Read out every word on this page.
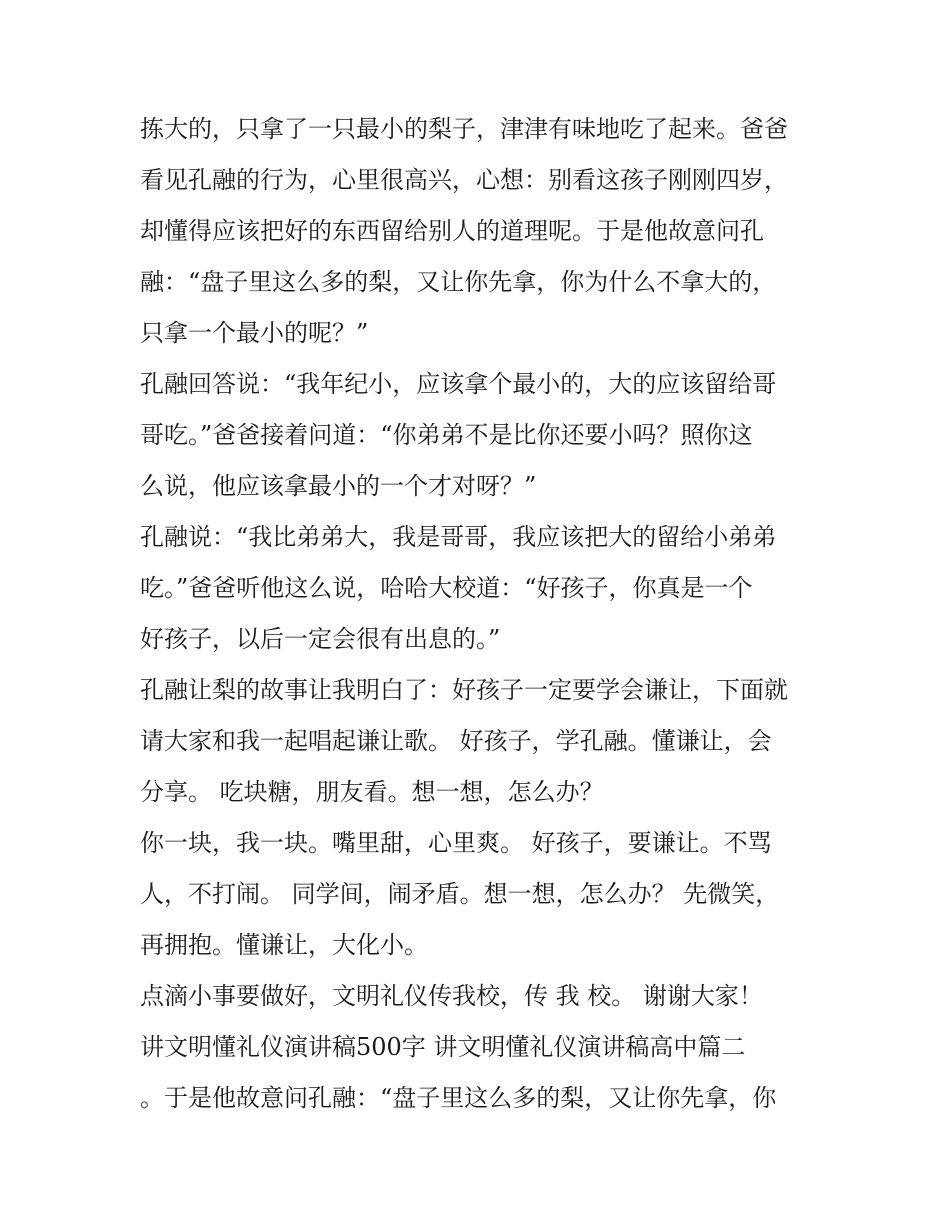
拣大的，只拿了一只最小的梨子，津津有味地吃了起来。爸爸

看见孔融的行为，心里很高兴，心想：别看这孩子刚刚四岁，

却懂得应该把好的东西留给别人的道理呢。于是他故意问孔

融：“盘子里这么多的梨，又让你先拿，你为什么不拿大的，

只拿一个最小的呢？”

孔融回答说：“我年纪小，应该拿个最小的，大的应该留给哥

哥吃。”爸爸接着问道：“你弟弟不是比你还要小吗？照你这

么说，他应该拿最小的一个才对呀？”

孔融说：“我比弟弟大，我是哥哥，我应该把大的留给小弟弟

吃。”爸爸听他这么说，哈哈大校道：“好孩子，你真是一个

好孩子，以后一定会很有出息的。”

孔融让梨的故事让我明白了：好孩子一定要学会谦让，下面就

请大家和我一起唱起谦让歌。 好孩子，学孔融。懂谦让，会

分享。 吃块糖，朋友看。想一想，怎么办？

你一块，我一块。嘴里甜，心里爽。 好孩子，要谦让。不骂

人，不打闹。 同学间，闹矛盾。想一想，怎么办？ 先微笑，

再拥抱。懂谦让，大化小。

点滴小事要做好，文明礼仪传我校，传 我 校。 谢谢大家！

讲文明懂礼仪演讲稿500字 讲文明懂礼仪演讲稿高中篇二

。于是他故意问孔融：“盘子里这么多的梨，又让你先拿，你
